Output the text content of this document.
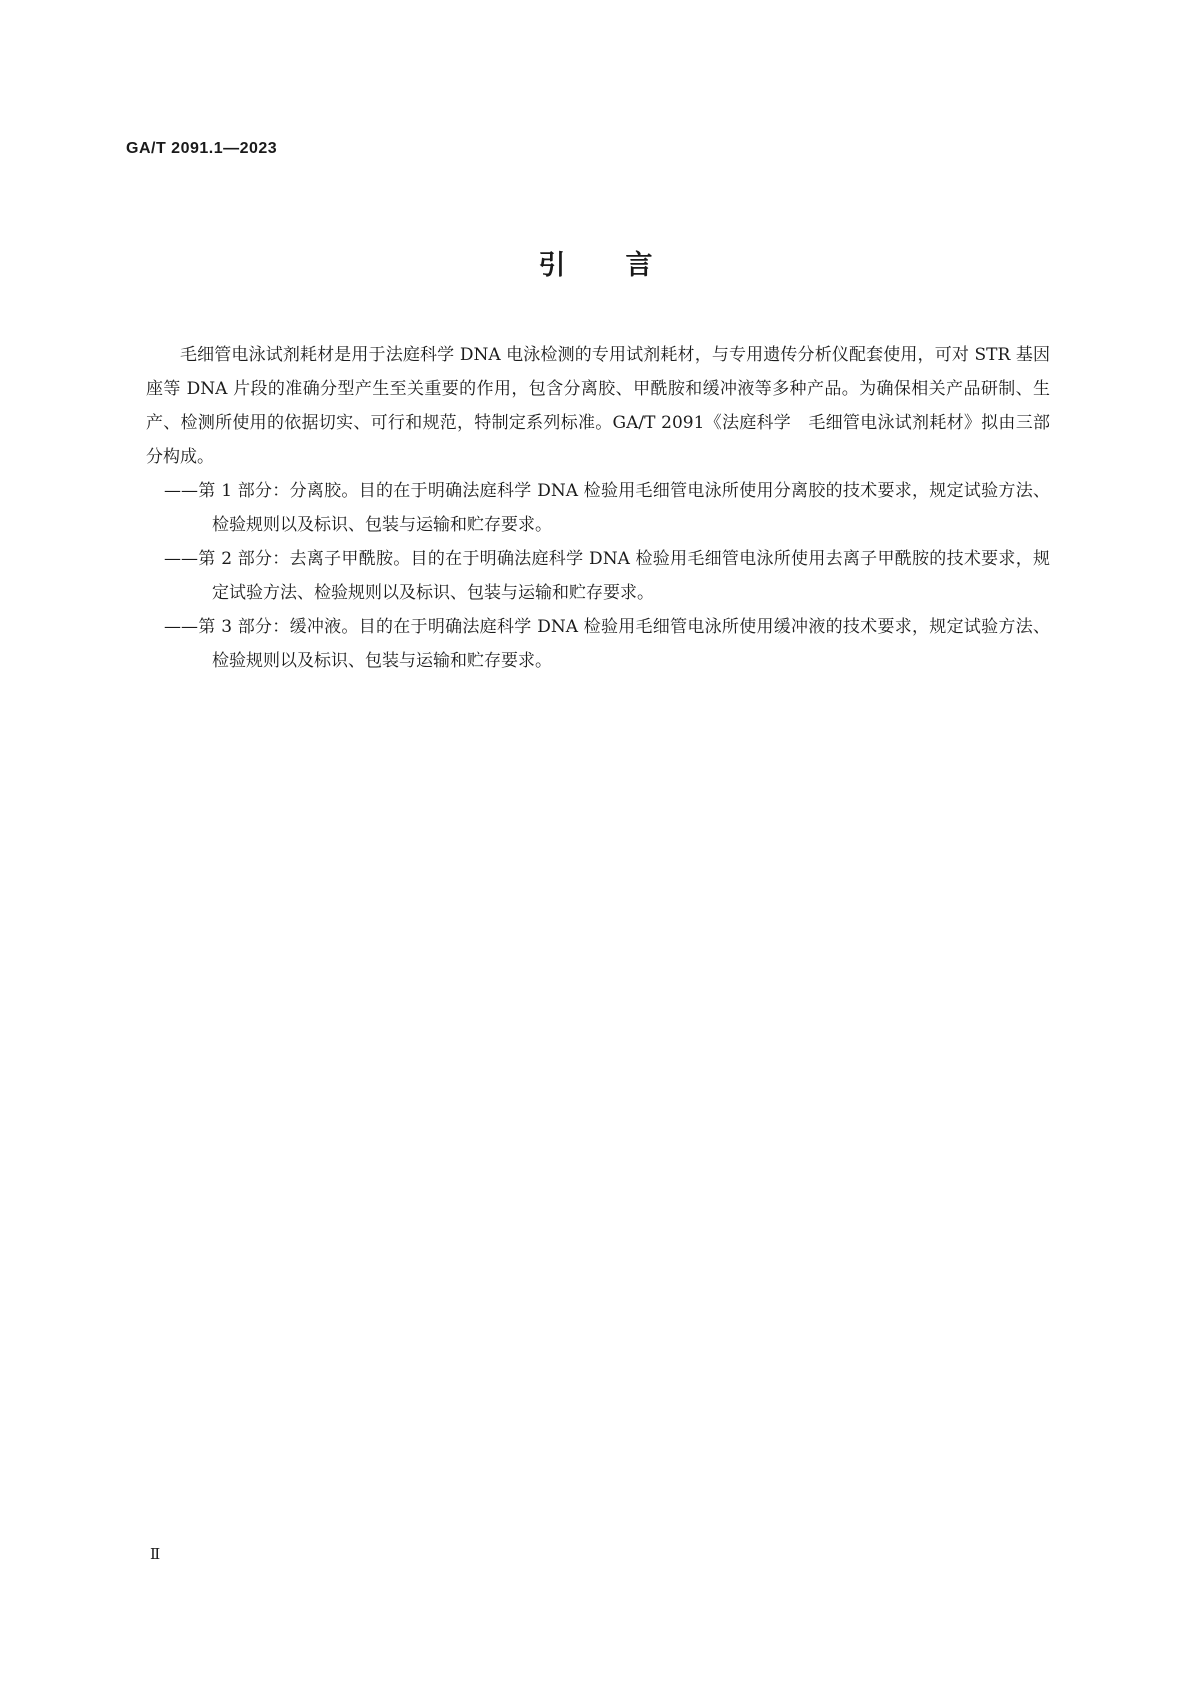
GA/T 2091.1—2023
引言

毛细管电泳试剂耗材是用于法庭科学 DNA 电泳检测的专用试剂耗材，与专用遗传分析仪配套使用，可对 STR 基因座等 DNA 片段的准确分型产生至关重要的作用，包含分离胶、甲酰胺和缓冲液等多种产品。为确保相关产品研制、生产、检测所使用的依据切实、可行和规范，特制定系列标准。GA/T 2091《法庭科学　毛细管电泳试剂耗材》拟由三部分构成。

——第 1 部分：分离胶。目的在于明确法庭科学 DNA 检验用毛细管电泳所使用分离胶的技术要求，规定试验方法、检验规则以及标识、包装与运输和贮存要求。

——第 2 部分：去离子甲酰胺。目的在于明确法庭科学 DNA 检验用毛细管电泳所使用去离子甲酰胺的技术要求，规定试验方法、检验规则以及标识、包装与运输和贮存要求。

——第 3 部分：缓冲液。目的在于明确法庭科学 DNA 检验用毛细管电泳所使用缓冲液的技术要求，规定试验方法、检验规则以及标识、包装与运输和贮存要求。

Ⅱ
